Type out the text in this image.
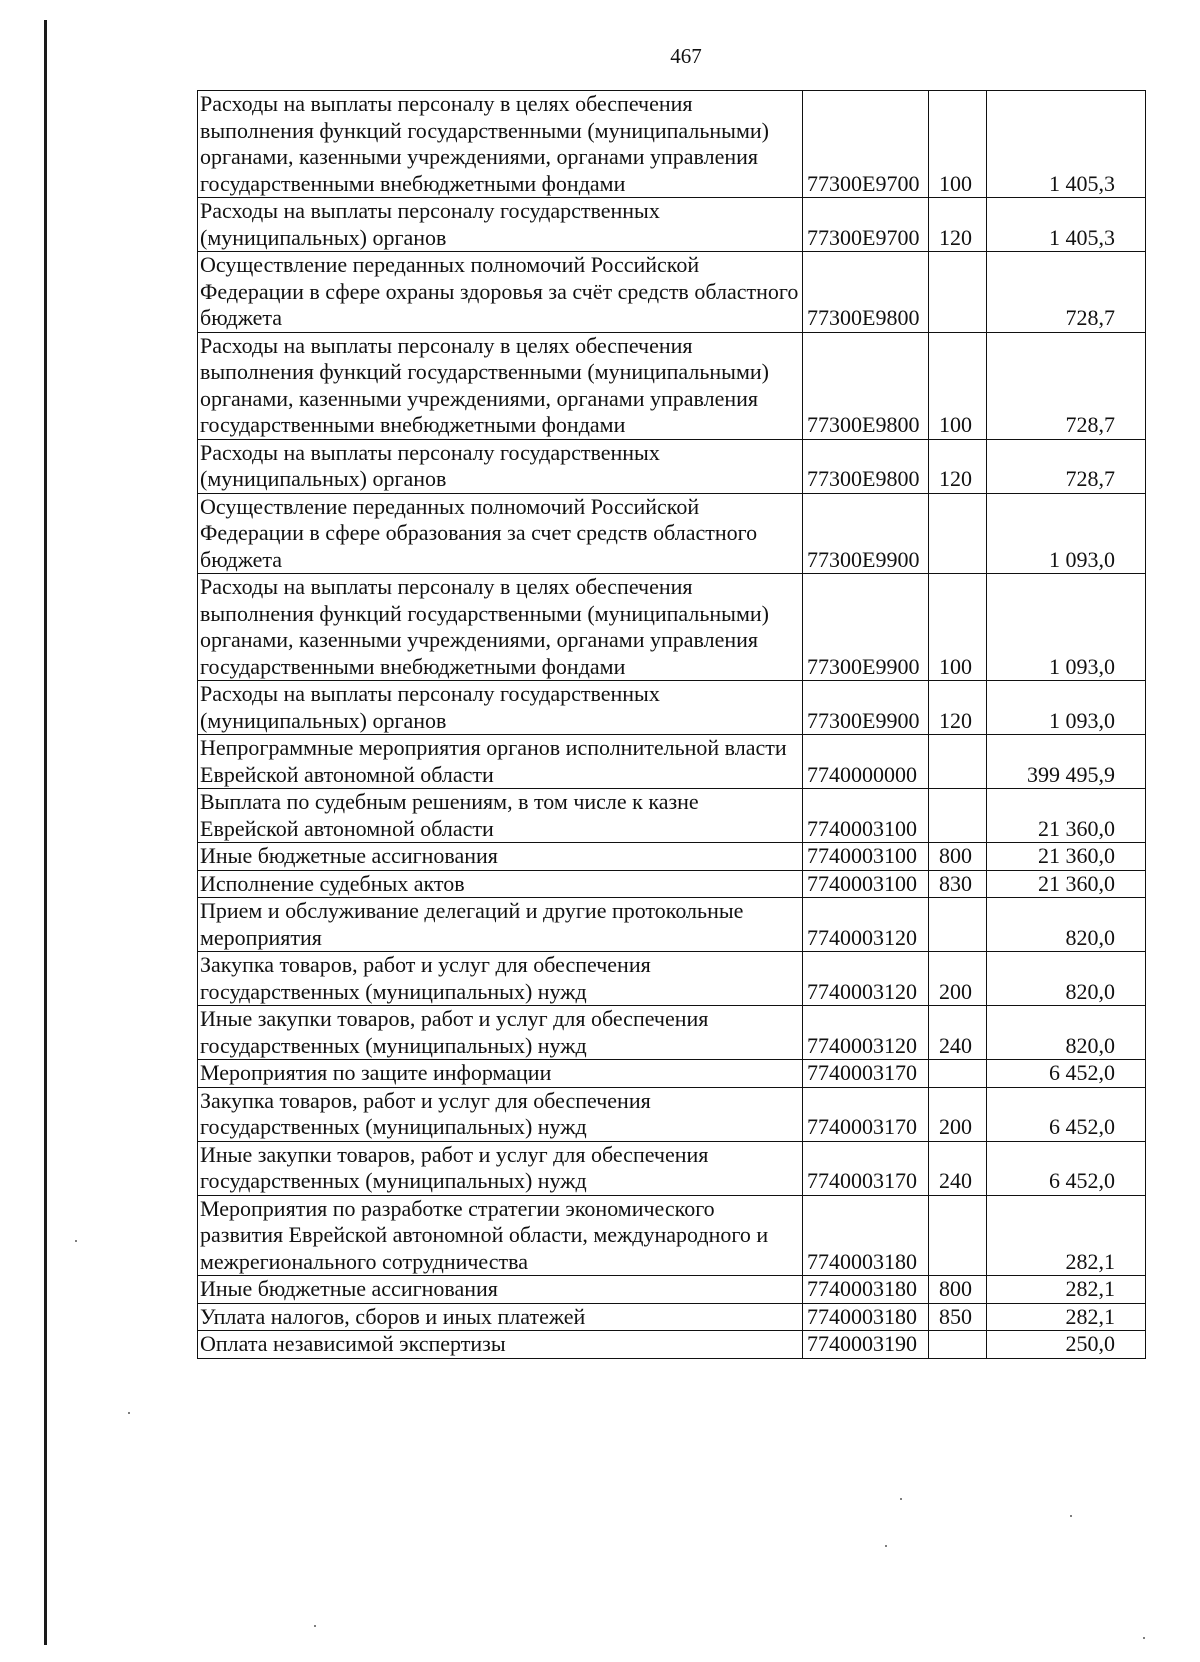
467
Расходы на выплаты персоналу в целях обеспечения выполнения функций государственными (муниципальными) органами, казенными учреждениями, органами управления государственными внебюджетными фондами	77300E9700	100	1 405,3
Расходы на выплаты персоналу государственных (муниципальных) органов	77300E9700	120	1 405,3
Осуществление переданных полномочий Российской Федерации в сфере охраны здоровья за счёт средств областного бюджета	77300E9800		728,7
Расходы на выплаты персоналу в целях обеспечения выполнения функций государственными (муниципальными) органами, казенными учреждениями, органами управления государственными внебюджетными фондами	77300E9800	100	728,7
Расходы на выплаты персоналу государственных (муниципальных) органов	77300E9800	120	728,7
Осуществление переданных полномочий Российской Федерации в сфере образования за счет средств областного бюджета	77300E9900		1 093,0
Расходы на выплаты персоналу в целях обеспечения выполнения функций государственными (муниципальными) органами, казенными учреждениями, органами управления государственными внебюджетными фондами	77300E9900	100	1 093,0
Расходы на выплаты персоналу государственных (муниципальных) органов	77300E9900	120	1 093,0
Непрограммные мероприятия органов исполнительной власти Еврейской автономной области	7740000000		399 495,9
Выплата по судебным решениям, в том числе к казне Еврейской автономной области	7740003100		21 360,0
Иные бюджетные ассигнования	7740003100	800	21 360,0
Исполнение судебных актов	7740003100	830	21 360,0
Прием и обслуживание делегаций и другие протокольные мероприятия	7740003120		820,0
Закупка товаров, работ и услуг для обеспечения государственных (муниципальных) нужд	7740003120	200	820,0
Иные закупки товаров, работ и услуг для обеспечения государственных (муниципальных) нужд	7740003120	240	820,0
Мероприятия по защите информации	7740003170		6 452,0
Закупка товаров, работ и услуг для обеспечения государственных (муниципальных) нужд	7740003170	200	6 452,0
Иные закупки товаров, работ и услуг для обеспечения государственных (муниципальных) нужд	7740003170	240	6 452,0
Мероприятия по разработке стратегии экономического развития Еврейской автономной области, международного и межрегионального сотрудничества	7740003180		282,1
Иные бюджетные ассигнования	7740003180	800	282,1
Уплата налогов, сборов и иных платежей	7740003180	850	282,1
Оплата независимой экспертизы	7740003190		250,0
